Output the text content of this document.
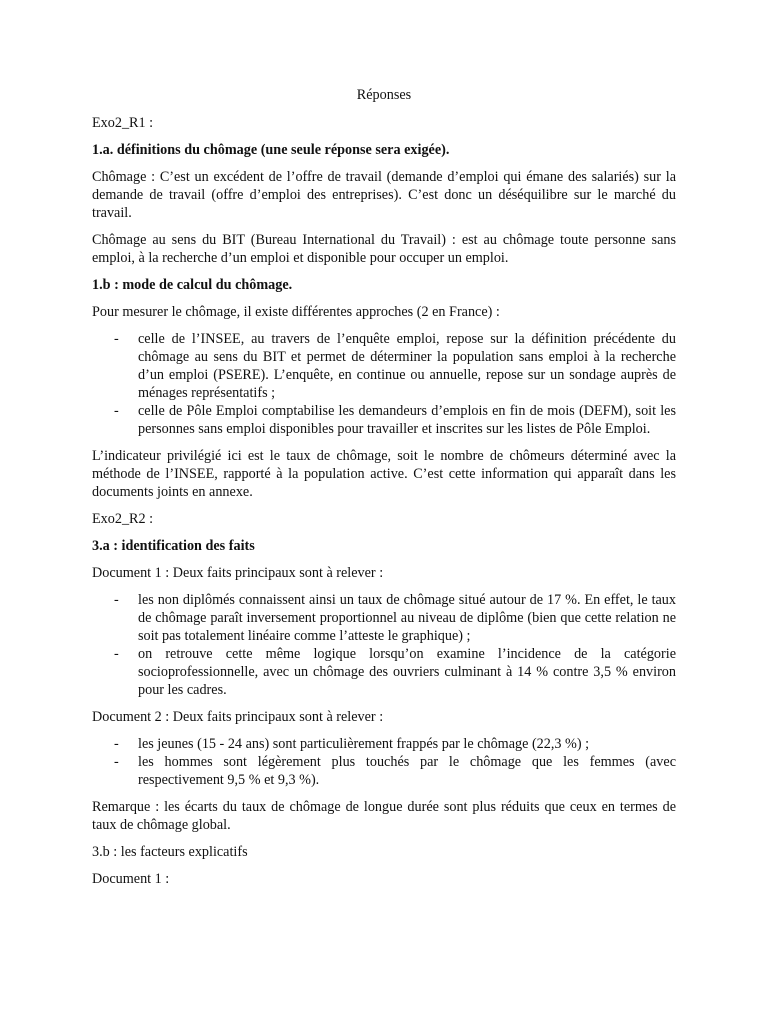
Réponses

Exo2_R1 :

1.a. définitions du chômage (une seule réponse sera exigée).

Chômage : C’est un excédent de l’offre de travail (demande d’emploi qui émane des salariés) sur la demande de travail (offre d’emploi des entreprises). C’est donc un déséquilibre sur le marché du travail.

Chômage au sens du BIT (Bureau International du Travail) : est au chômage toute personne sans emploi, à la recherche d’un emploi et disponible pour occuper un emploi.

1.b : mode de calcul du chômage.

Pour mesurer le chômage, il existe différentes approches (2 en France) :

- celle de l’INSEE, au travers de l’enquête emploi, repose sur la définition précédente du chômage au sens du BIT et permet de déterminer la population sans emploi à la recherche d’un emploi (PSERE). L’enquête, en continue ou annuelle, repose sur un sondage auprès de ménages représentatifs ;
- celle de Pôle Emploi comptabilise les demandeurs d’emplois en fin de mois (DEFM), soit les personnes sans emploi disponibles pour travailler et inscrites sur les listes de Pôle Emploi.

L’indicateur privilégié ici est le taux de chômage, soit le nombre de chômeurs déterminé avec la méthode de l’INSEE, rapporté à la population active. C’est cette information qui apparaît dans les documents joints en annexe.

Exo2_R2 :

3.a : identification des faits

Document 1 : Deux faits principaux sont à relever :

- les non diplômés connaissent ainsi un taux de chômage situé autour de 17 %. En effet, le taux de chômage paraît inversement proportionnel au niveau de diplôme (bien que cette relation ne soit pas totalement linéaire comme l’atteste le graphique) ;
- on retrouve cette même logique lorsqu’on examine l’incidence de la catégorie socioprofessionnelle, avec un chômage des ouvriers culminant à 14 % contre 3,5 % environ pour les cadres.

Document 2 : Deux faits principaux sont à relever :

- les jeunes (15 - 24 ans) sont particulièrement frappés par le chômage (22,3 %) ;
- les hommes sont légèrement plus touchés par le chômage que les femmes (avec respectivement 9,5 % et 9,3 %).

Remarque : les écarts du taux de chômage de longue durée sont plus réduits que ceux en termes de taux de chômage global.

3.b : les facteurs explicatifs

Document 1 :
